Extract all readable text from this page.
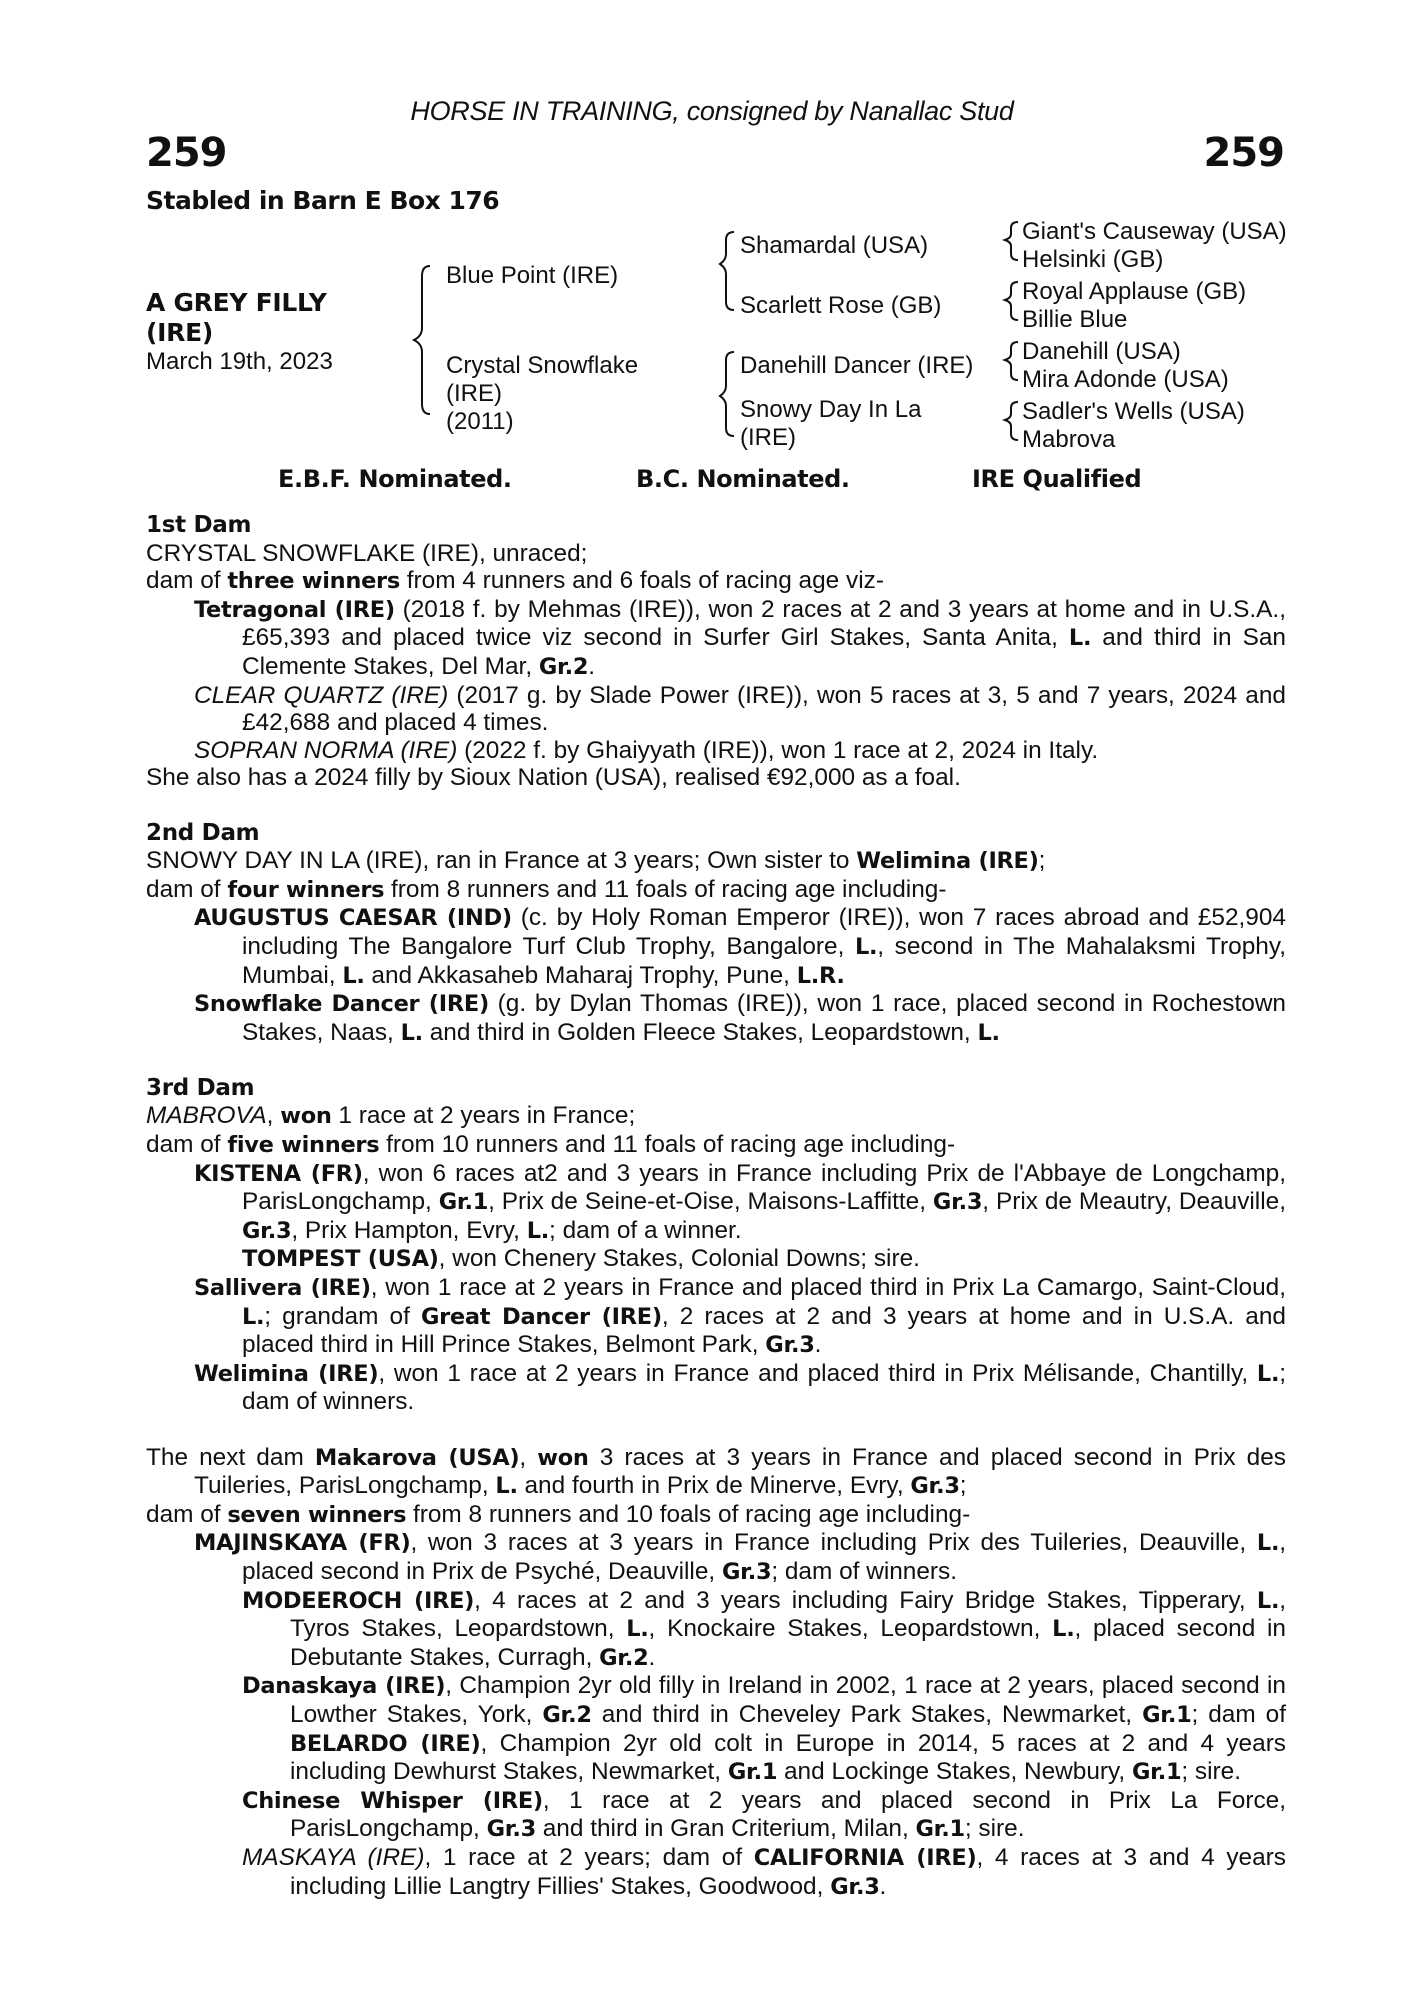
HORSE IN TRAINING, consigned by Nanallac Stud
259	259
Stabled in Barn E Box 176
A GREY FILLY
(IRE)
March 19th, 2023
Blue Point (IRE)
Crystal Snowflake
(IRE)
(2011)
Shamardal (USA)
Scarlett Rose (GB)
Danehill Dancer (IRE)
Snowy Day In La
(IRE)
Giant's Causeway (USA)
Helsinki (GB)
Royal Applause (GB)
Billie Blue
Danehill (USA)
Mira Adonde (USA)
Sadler's Wells (USA)
Mabrova
E.B.F. Nominated.	B.C. Nominated.	IRE Qualified

1st Dam

CRYSTAL SNOWFLAKE (IRE), unraced;

dam of three winners from 4 runners and 6 foals of racing age viz-

Tetragonal (IRE) (2018 f. by Mehmas (IRE)), won 2 races at 2 and 3 years at home and in U.S.A., £65,393 and placed twice viz second in Surfer Girl Stakes, Santa Anita, L. and third in San Clemente Stakes, Del Mar, Gr.2.

CLEAR QUARTZ (IRE) (2017 g. by Slade Power (IRE)), won 5 races at 3, 5 and 7 years, 2024 and £42,688 and placed 4 times.

SOPRAN NORMA (IRE) (2022 f. by Ghaiyyath (IRE)), won 1 race at 2, 2024 in Italy.

She also has a 2024 filly by Sioux Nation (USA), realised €92,000 as a foal.

2nd Dam

SNOWY DAY IN LA (IRE), ran in France at 3 years; Own sister to Welimina (IRE);

dam of four winners from 8 runners and 11 foals of racing age including-

AUGUSTUS CAESAR (IND) (c. by Holy Roman Emperor (IRE)), won 7 races abroad and £52,904 including The Bangalore Turf Club Trophy, Bangalore, L., second in The Mahalaksmi Trophy, Mumbai, L. and Akkasaheb Maharaj Trophy, Pune, L.R.

Snowflake Dancer (IRE) (g. by Dylan Thomas (IRE)), won 1 race, placed second in Rochestown Stakes, Naas, L. and third in Golden Fleece Stakes, Leopardstown, L.

3rd Dam

MABROVA, won 1 race at 2 years in France;

dam of five winners from 10 runners and 11 foals of racing age including-

KISTENA (FR), won 6 races at2 and 3 years in France including Prix de l'Abbaye de Longchamp, ParisLongchamp, Gr.1, Prix de Seine-et-Oise, Maisons-Laffitte, Gr.3, Prix de Meautry, Deauville, Gr.3, Prix Hampton, Evry, L.; dam of a winner.

TOMPEST (USA), won Chenery Stakes, Colonial Downs; sire.

Sallivera (IRE), won 1 race at 2 years in France and placed third in Prix La Camargo, Saint-Cloud, L.; grandam of Great Dancer (IRE), 2 races at 2 and 3 years at home and in U.S.A. and placed third in Hill Prince Stakes, Belmont Park, Gr.3.

Welimina (IRE), won 1 race at 2 years in France and placed third in Prix Mélisande, Chantilly, L.; dam of winners.

The next dam Makarova (USA), won 3 races at 3 years in France and placed second in Prix des Tuileries, ParisLongchamp, L. and fourth in Prix de Minerve, Evry, Gr.3;

dam of seven winners from 8 runners and 10 foals of racing age including-

MAJINSKAYA (FR), won 3 races at 3 years in France including Prix des Tuileries, Deauville, L., placed second in Prix de Psyché, Deauville, Gr.3; dam of winners.

MODEEROCH (IRE), 4 races at 2 and 3 years including Fairy Bridge Stakes, Tipperary, L., Tyros Stakes, Leopardstown, L., Knockaire Stakes, Leopardstown, L., placed second in Debutante Stakes, Curragh, Gr.2.

Danaskaya (IRE), Champion 2yr old filly in Ireland in 2002, 1 race at 2 years, placed second in Lowther Stakes, York, Gr.2 and third in Cheveley Park Stakes, Newmarket, Gr.1; dam of BELARDO (IRE), Champion 2yr old colt in Europe in 2014, 5 races at 2 and 4 years including Dewhurst Stakes, Newmarket, Gr.1 and Lockinge Stakes, Newbury, Gr.1; sire.

Chinese Whisper (IRE), 1 race at 2 years and placed second in Prix La Force, ParisLongchamp, Gr.3 and third in Gran Criterium, Milan, Gr.1; sire.

MASKAYA (IRE), 1 race at 2 years; dam of CALIFORNIA (IRE), 4 races at 3 and 4 years including Lillie Langtry Fillies' Stakes, Goodwood, Gr.3.
